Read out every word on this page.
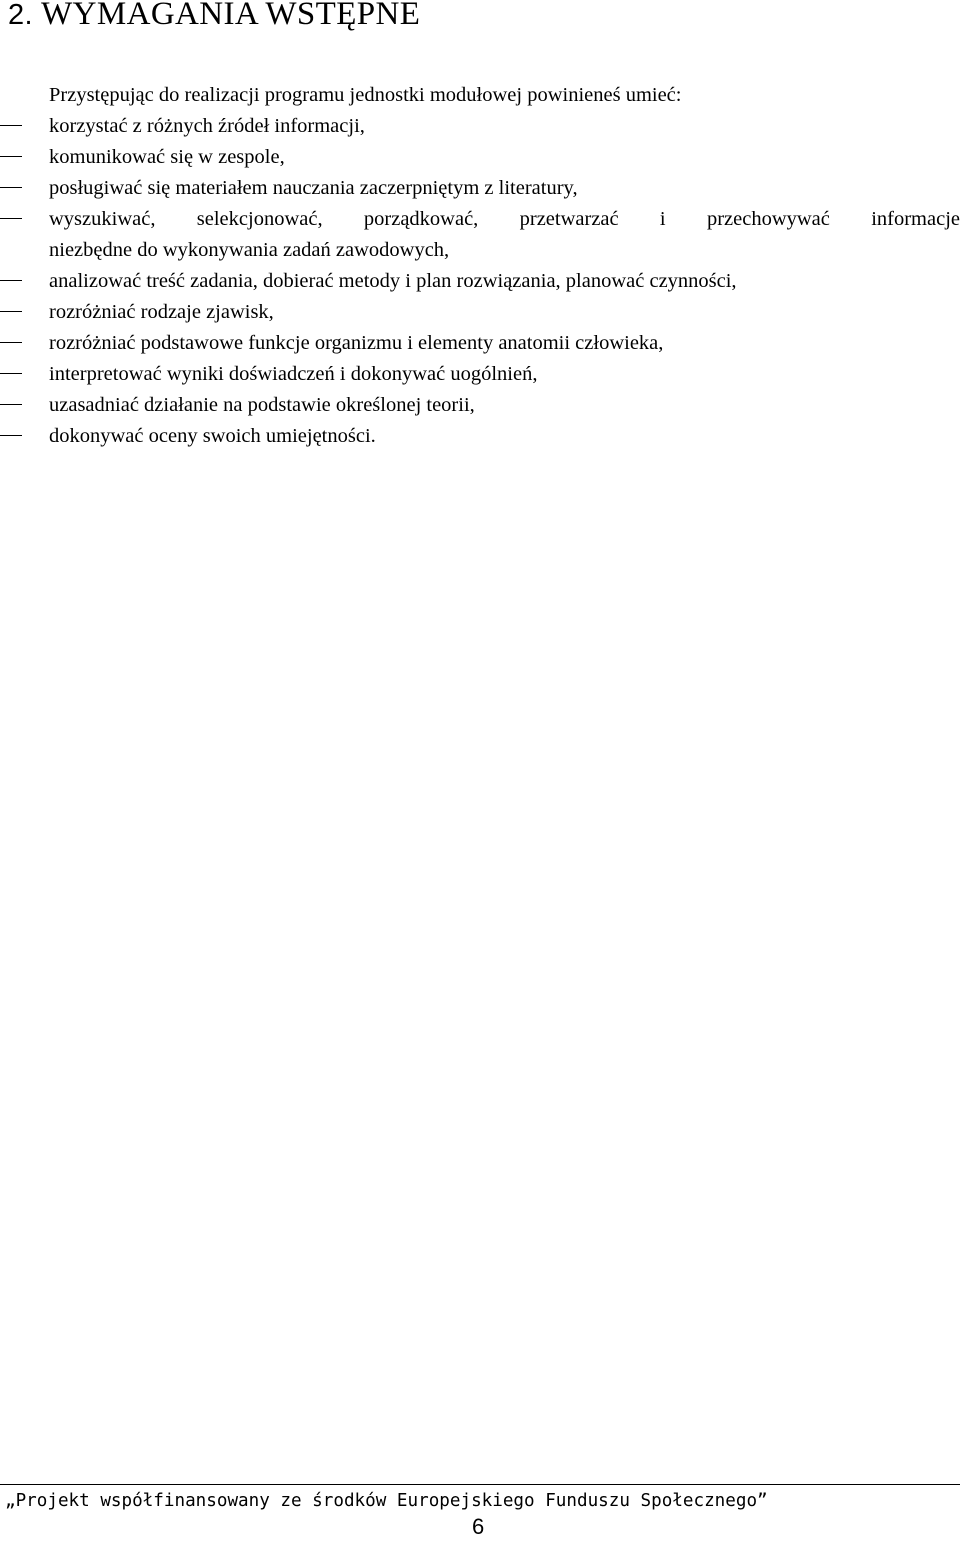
2. WYMAGANIA WSTĘPNE
Przystępując do realizacji programu jednostki modułowej powinieneś umieć:
korzystać z różnych źródeł informacji,
komunikować się w zespole,
posługiwać się materiałem nauczania zaczerpniętym z literatury,
wyszukiwać, selekcjonować, porządkować, przetwarzać i przechowywać informacje
niezbędne do wykonywania zadań zawodowych,
analizować treść zadania, dobierać metody i plan rozwiązania, planować czynności,
rozróżniać rodzaje zjawisk,
rozróżniać podstawowe funkcje organizmu i elementy anatomii człowieka,
interpretować wyniki doświadczeń i dokonywać uogólnień,
uzasadniać działanie na podstawie określonej teorii,
dokonywać oceny swoich umiejętności.
„Projekt współfinansowany ze środków Europejskiego Funduszu Społecznego”
6
